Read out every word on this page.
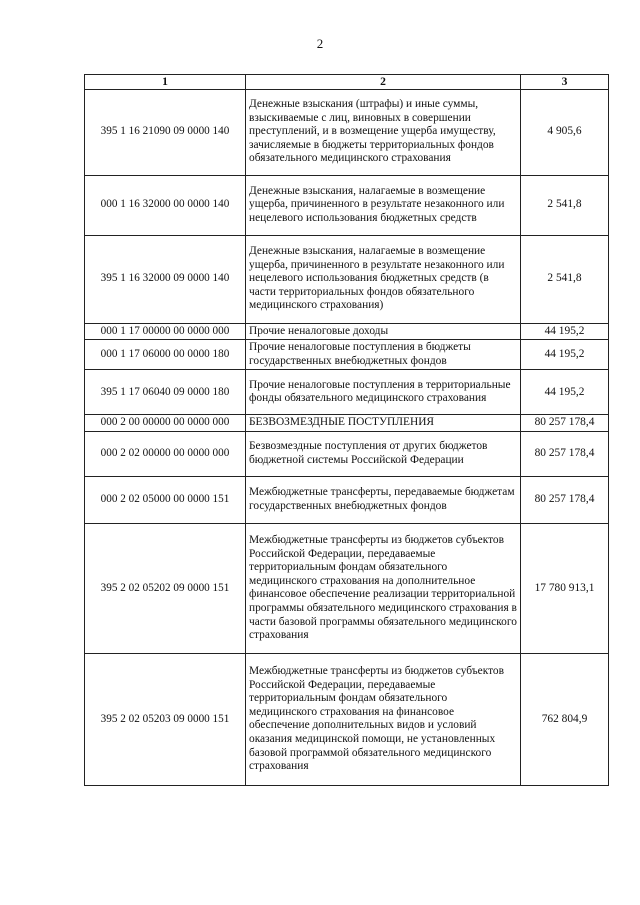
2
1	2	3
395 1 16 21090 09 0000 140	Денежные взыскания (штрафы) и иные суммы, взыскиваемые с лиц, виновных в совершении преступлений, и в возмещение ущерба имуществу, зачисляемые в бюджеты территориальных фондов обязательного медицинского страхования	4 905,6
000 1 16 32000 00 0000 140	Денежные взыскания, налагаемые в возмещение ущерба, причиненного в результате незаконного или нецелевого использования бюджетных средств	2 541,8
395 1 16 32000 09 0000 140	Денежные взыскания, налагаемые в возмещение ущерба, причиненного в результате незаконного или нецелевого использования бюджетных средств (в части территориальных фондов обязательного медицинского страхования)	2 541,8
000 1 17 00000 00 0000 000	Прочие неналоговые доходы	44 195,2
000 1 17 06000 00 0000 180	Прочие неналоговые поступления в бюджеты государственных внебюджетных фондов	44 195,2
395 1 17 06040 09 0000 180	Прочие неналоговые поступления в территориальные фонды обязательного медицинского страхования	44 195,2
000 2 00 00000 00 0000 000	БЕЗВОЗМЕЗДНЫЕ ПОСТУПЛЕНИЯ	80 257 178,4
000 2 02 00000 00 0000 000	Безвозмездные поступления от других бюджетов бюджетной системы Российской Федерации	80 257 178,4
000 2 02 05000 00 0000 151	Межбюджетные трансферты, передаваемые бюджетам государственных внебюджетных фондов	80 257 178,4
395 2 02 05202 09 0000 151	Межбюджетные трансферты из бюджетов субъектов Российской Федерации, передаваемые территориальным фондам обязательного медицинского страхования на дополнительное финансовое обеспечение реализации территориальной программы обязательного медицинского страхования в части базовой программы обязательного медицинского страхования	17 780 913,1
395 2 02 05203 09 0000 151	Межбюджетные трансферты из бюджетов субъектов Российской Федерации, передаваемые территориальным фондам обязательного медицинского страхования на финансовое обеспечение дополнительных видов и условий оказания медицинской помощи, не установленных базовой программой обязательного медицинского страхования	762 804,9
